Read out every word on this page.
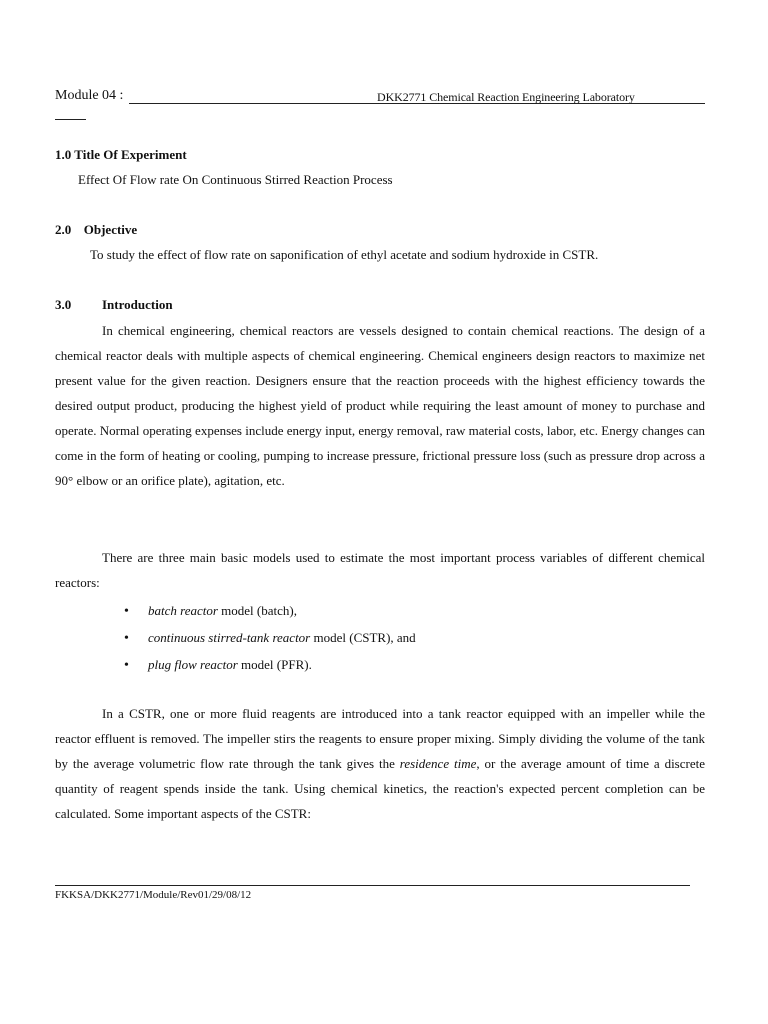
Module 04 :	DKK2771 Chemical Reaction Engineering Laboratory
1.0 Title Of Experiment
Effect Of Flow rate On Continuous Stirred Reaction Process
2.0 Objective
To study the effect of flow rate on saponification of ethyl acetate and sodium hydroxide in CSTR.
3.0 Introduction
In chemical engineering, chemical reactors are vessels designed to contain chemical reactions. The design of a chemical reactor deals with multiple aspects of chemical engineering. Chemical engineers design reactors to maximize net present value for the given reaction. Designers ensure that the reaction proceeds with the highest efficiency towards the desired output product, producing the highest yield of product while requiring the least amount of money to purchase and operate. Normal operating expenses include energy input, energy removal, raw material costs, labor, etc. Energy changes can come in the form of heating or cooling, pumping to increase pressure, frictional pressure loss (such as pressure drop across a 90° elbow or an orifice plate), agitation, etc.
There are three main basic models used to estimate the most important process variables of different chemical reactors:
• batch reactor model (batch),
• continuous stirred-tank reactor model (CSTR), and
• plug flow reactor model (PFR).
In a CSTR, one or more fluid reagents are introduced into a tank reactor equipped with an impeller while the reactor effluent is removed. The impeller stirs the reagents to ensure proper mixing. Simply dividing the volume of the tank by the average volumetric flow rate through the tank gives the residence time, or the average amount of time a discrete quantity of reagent spends inside the tank. Using chemical kinetics, the reaction's expected percent completion can be calculated. Some important aspects of the CSTR:
FKKSA/DKK2771/Module/Rev01/29/08/12
